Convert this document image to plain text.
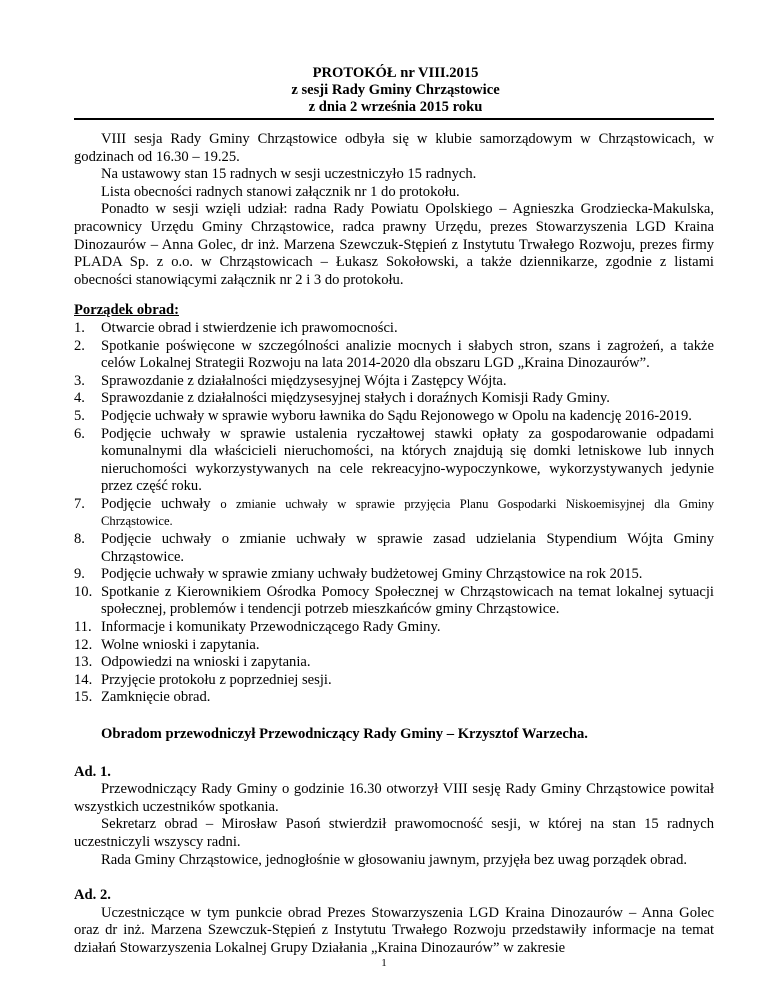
PROTOKÓŁ nr VIII.2015
z sesji Rady Gminy Chrząstowice
z dnia 2 września 2015 roku

VIII sesja Rady Gminy Chrząstowice odbyła się w klubie samorządowym w Chrząstowicach, w godzinach od 16.30 – 19.25.

Na ustawowy stan 15 radnych w sesji uczestniczyło 15 radnych.

Lista obecności radnych stanowi załącznik nr 1 do protokołu.

Ponadto w sesji wzięli udział: radna Rady Powiatu Opolskiego – Agnieszka Grodziecka-Makulska, pracownicy Urzędu Gminy Chrząstowice, radca prawny Urzędu, prezes Stowarzyszenia LGD Kraina Dinozaurów – Anna Golec, dr inż. Marzena Szewczuk-Stępień z Instytutu Trwałego Rozwoju, prezes firmy PLADA Sp. z o.o. w Chrząstowicach – Łukasz Sokołowski, a także dziennikarze, zgodnie z listami obecności stanowiącymi załącznik nr 2 i 3 do protokołu.

Porządek obrad:
1. Otwarcie obrad i stwierdzenie ich prawomocności.
2. Spotkanie poświęcone w szczególności analizie mocnych i słabych stron, szans i zagrożeń, a także celów Lokalnej Strategii Rozwoju na lata 2014-2020 dla obszaru LGD „Kraina Dinozaurów”.
3. Sprawozdanie z działalności międzysesyjnej Wójta i Zastępcy Wójta.
4. Sprawozdanie z działalności międzysesyjnej stałych i doraźnych Komisji Rady Gminy.
5. Podjęcie uchwały w sprawie wyboru ławnika do Sądu Rejonowego w Opolu na kadencję 2016-2019.
6. Podjęcie uchwały w sprawie ustalenia ryczałtowej stawki opłaty za gospodarowanie odpadami komunalnymi dla właścicieli nieruchomości, na których znajdują się domki letniskowe lub innych nieruchomości wykorzystywanych na cele rekreacyjno-wypoczynkowe, wykorzystywanych jedynie przez część roku.
7. Podjęcie uchwały o zmianie uchwały w sprawie przyjęcia Planu Gospodarki Niskoemisyjnej dla Gminy Chrząstowice.
8. Podjęcie uchwały o zmianie uchwały w sprawie zasad udzielania Stypendium Wójta Gminy Chrząstowice.
9. Podjęcie uchwały w sprawie zmiany uchwały budżetowej Gminy Chrząstowice na rok 2015.
10. Spotkanie z Kierownikiem Ośrodka Pomocy Społecznej w Chrząstowicach na temat lokalnej sytuacji społecznej, problemów i tendencji potrzeb mieszkańców gminy Chrząstowice.
11. Informacje i komunikaty Przewodniczącego Rady Gminy.
12. Wolne wnioski i zapytania.
13. Odpowiedzi na wnioski i zapytania.
14. Przyjęcie protokołu z poprzedniej sesji.
15. Zamknięcie obrad.
Obradom przewodniczył Przewodniczący Rady Gminy – Krzysztof Warzecha.
Ad. 1.

Przewodniczący Rady Gminy o godzinie 16.30 otworzył VIII sesję Rady Gminy Chrząstowice powitał wszystkich uczestników spotkania.

Sekretarz obrad – Mirosław Pasoń stwierdził prawomocność sesji, w której na stan 15 radnych uczestniczyli wszyscy radni.

Rada Gminy Chrząstowice, jednogłośnie w głosowaniu jawnym, przyjęła bez uwag porządek obrad.

Ad. 2.

Uczestniczące w tym punkcie obrad Prezes Stowarzyszenia LGD Kraina Dinozaurów – Anna Golec oraz dr inż. Marzena Szewczuk-Stępień z Instytutu Trwałego Rozwoju przedstawiły informacje na temat działań Stowarzyszenia Lokalnej Grupy Działania „Kraina Dinozaurów” w zakresie

1
